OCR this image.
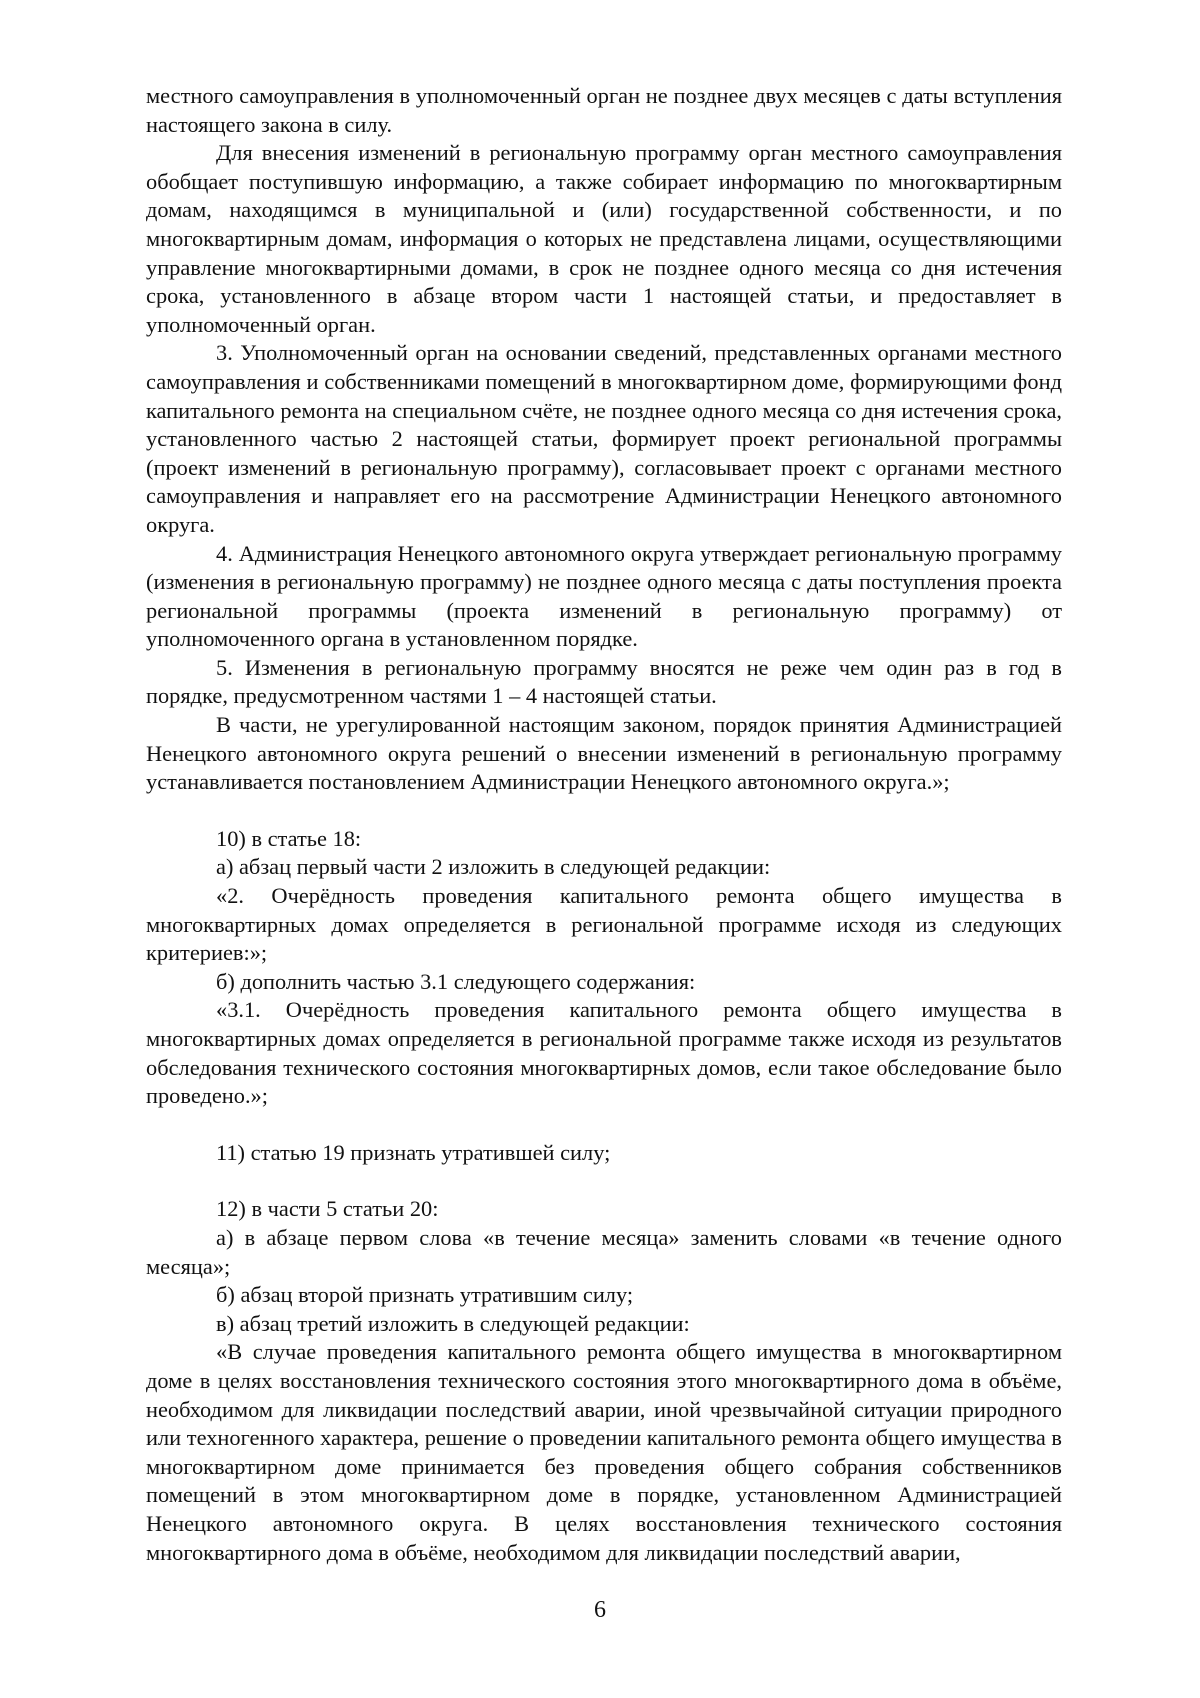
местного самоуправления в уполномоченный орган не позднее двух месяцев с даты вступления настоящего закона в силу.

Для внесения изменений в региональную программу орган местного самоуправления обобщает поступившую информацию, а также собирает информацию по многоквартирным домам, находящимся в муниципальной и (или) государственной собственности, и по многоквартирным домам, информация о которых не представлена лицами, осуществляющими управление многоквартирными домами, в срок не позднее одного месяца со дня истечения срока, установленного в абзаце втором части 1 настоящей статьи, и предоставляет в уполномоченный орган.

3. Уполномоченный орган на основании сведений, представленных органами местного самоуправления и собственниками помещений в многоквартирном доме, формирующими фонд капитального ремонта на специальном счёте, не позднее одного месяца со дня истечения срока, установленного частью 2 настоящей статьи, формирует проект региональной программы (проект изменений в региональную программу), согласовывает проект с органами местного самоуправления и направляет его на рассмотрение Администрации Ненецкого автономного округа.

4. Администрация Ненецкого автономного округа утверждает региональную программу (изменения в региональную программу) не позднее одного месяца с даты поступления проекта региональной программы (проекта изменений в региональную программу) от уполномоченного органа в установленном порядке.

5. Изменения в региональную программу вносятся не реже чем один раз в год в порядке, предусмотренном частями 1 – 4 настоящей статьи.

В части, не урегулированной настоящим законом, порядок принятия Администрацией Ненецкого автономного округа решений о внесении изменений в региональную программу устанавливается постановлением Администрации Ненецкого автономного округа.»;

10) в статье 18:

а) абзац первый части 2 изложить в следующей редакции:

«2. Очерёдность проведения капитального ремонта общего имущества в многоквартирных домах определяется в региональной программе исходя из следующих критериев:»;

б) дополнить частью 3.1 следующего содержания:

«3.1. Очерёдность проведения капитального ремонта общего имущества в многоквартирных домах определяется в региональной программе также исходя из результатов обследования технического состояния многоквартирных домов, если такое обследование было проведено.»;

11) статью 19 признать утратившей силу;

12) в части 5 статьи 20:

а) в абзаце первом слова «в течение месяца» заменить словами «в течение одного месяца»;

б) абзац второй признать утратившим силу;

в) абзац третий изложить в следующей редакции:

«В случае проведения капитального ремонта общего имущества в многоквартирном доме в целях восстановления технического состояния этого многоквартирного дома в объёме, необходимом для ликвидации последствий аварии, иной чрезвычайной ситуации природного или техногенного характера, решение о проведении капитального ремонта общего имущества в многоквартирном доме принимается без проведения общего собрания собственников помещений в этом многоквартирном доме в порядке, установленном Администрацией Ненецкого автономного округа. В целях восстановления технического состояния многоквартирного дома в объёме, необходимом для ликвидации последствий аварии,

6
